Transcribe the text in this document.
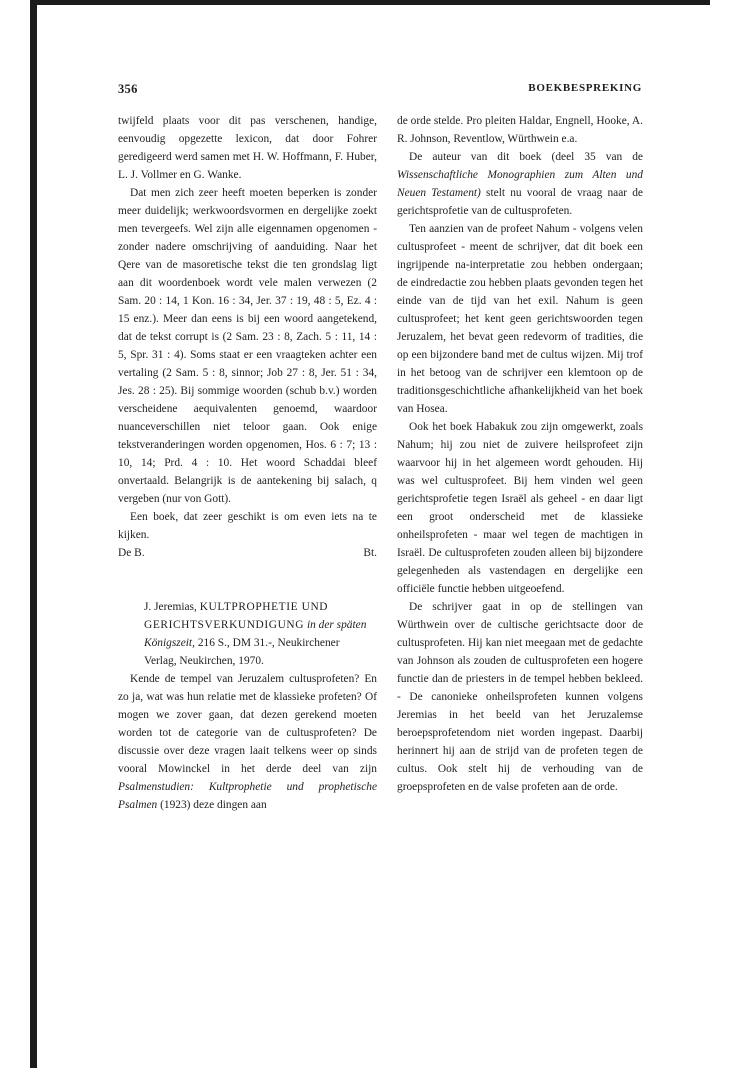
356	BOEKBESPREKING

twijfeld plaats voor dit pas verschenen, handige, eenvoudig opgezette lexicon, dat door Fohrer geredigeerd werd samen met H. W. Hoffmann, F. Huber, L. J. Vollmer en G. Wanke.

Dat men zich zeer heeft moeten beperken is zonder meer duidelijk; werkwoordsvormen en dergelijke zoekt men tevergeefs. Wel zijn alle eigennamen opgenomen - zonder nadere omschrijving of aanduiding. Naar het Qere van de masoretische tekst die ten grondslag ligt aan dit woordenboek wordt vele malen verwezen (2 Sam. 20 : 14, 1 Kon. 16 : 34, Jer. 37 : 19, 48 : 5, Ez. 4 : 15 enz.). Meer dan eens is bij een woord aangetekend, dat de tekst corrupt is (2 Sam. 23 : 8, Zach. 5 : 11, 14 : 5, Spr. 31 : 4). Soms staat er een vraagteken achter een vertaling (2 Sam. 5 : 8, sinnor; Job 27 : 8, Jer. 51 : 34, Jes. 28 : 25). Bij sommige woorden (schub b.v.) worden verscheidene aequivalenten genoemd, waardoor nuanceverschillen niet teloor gaan. Ook enige tekstveranderingen worden opgenomen, Hos. 6 : 7; 13 : 10, 14; Prd. 4 : 10. Het woord Schaddai bleef onvertaald. Belangrijk is de aantekening bij salach, q vergeben (nur von Gott).

Een boek, dat zeer geschikt is om even iets na te kijken.

De B.	Bt.

J. Jeremias, KULTPROPHETIE UND GERICHTSVERKUNDIGUNG in der späten Königszeit, 216 S., DM 31.-, Neukirchener Verlag, Neukirchen, 1970.

Kende de tempel van Jeruzalem cultusprofeten? En zo ja, wat was hun relatie met de klassieke profeten? Of mogen we zover gaan, dat dezen gerekend moeten worden tot de categorie van de cultusprofeten? De discussie over deze vragen laait telkens weer op sinds vooral Mowinckel in het derde deel van zijn Psalmenstudien: Kultprophetie und prophetische Psalmen (1923) deze dingen aan

de orde stelde. Pro pleiten Haldar, Engnell, Hooke, A. R. Johnson, Reventlow, Würthwein e.a.

De auteur van dit boek (deel 35 van de Wissenschaftliche Monographien zum Alten und Neuen Testament) stelt nu vooral de vraag naar de gerichtsprofetie van de cultusprofeten.

Ten aanzien van de profeet Nahum - volgens velen cultusprofeet - meent de schrijver, dat dit boek een ingrijpende na-interpretatie zou hebben ondergaan; de eindredactie zou hebben plaats gevonden tegen het einde van de tijd van het exil. Nahum is geen cultusprofeet; het kent geen gerichtswoorden tegen Jeruzalem, het bevat geen redevorm of tradities, die op een bijzondere band met de cultus wijzen. Mij trof in het betoog van de schrijver een klemtoon op de traditionsgeschichtliche afhankelijkheid van het boek van Hosea.

Ook het boek Habakuk zou zijn omgewerkt, zoals Nahum; hij zou niet de zuivere heilsprofeet zijn waarvoor hij in het algemeen wordt gehouden. Hij was wel cultusprofeet. Bij hem vinden wel geen gerichtsprofetie tegen Israël als geheel - en daar ligt een groot onderscheid met de klassieke onheilsprofeten - maar wel tegen de machtigen in Israël. De cultusprofeten zouden alleen bij bijzondere gelegenheden als vastendagen en dergelijke een officiële functie hebben uitgeoefend.

De schrijver gaat in op de stellingen van Würthwein over de cultische gerichtsacte door de cultusprofeten. Hij kan niet meegaan met de gedachte van Johnson als zouden de cultusprofeten een hogere functie dan de priesters in de tempel hebben bekleed. - De canonieke onheilsprofeten kunnen volgens Jeremias in het beeld van het Jeruzalemse beroepsprofetendom niet worden ingepast. Daarbij herinnert hij aan de strijd van de profeten tegen de cultus. Ook stelt hij de verhouding van de groepsprofeten en de valse profeten aan de orde.
